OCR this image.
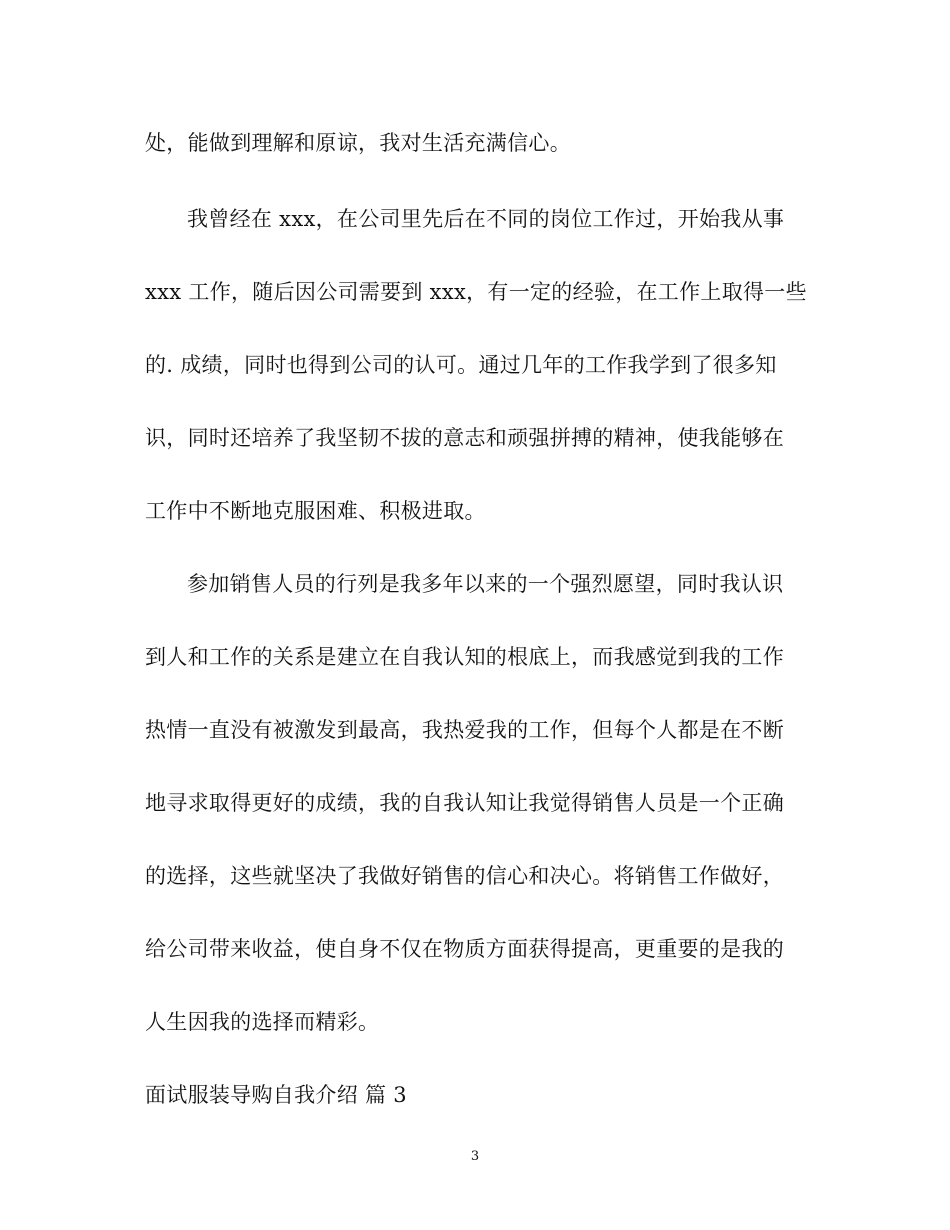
处，能做到理解和原谅，我对生活充满信心。
我曾经在 xxx，在公司里先后在不同的岗位工作过，开始我从事
xxx 工作，随后因公司需要到 xxx，有一定的经验，在工作上取得一些
的. 成绩，同时也得到公司的认可。通过几年的工作我学到了很多知
识，同时还培养了我坚韧不拔的意志和顽强拼搏的精神，使我能够在
工作中不断地克服困难、积极进取。
参加销售人员的行列是我多年以来的一个强烈愿望，同时我认识
到人和工作的关系是建立在自我认知的根底上，而我感觉到我的工作
热情一直没有被激发到最高，我热爱我的工作，但每个人都是在不断
地寻求取得更好的成绩，我的自我认知让我觉得销售人员是一个正确
的选择，这些就坚决了我做好销售的信心和决心。将销售工作做好，
给公司带来收益，使自身不仅在物质方面获得提高，更重要的是我的
人生因我的选择而精彩。
面试服装导购自我介绍 篇 3
3
